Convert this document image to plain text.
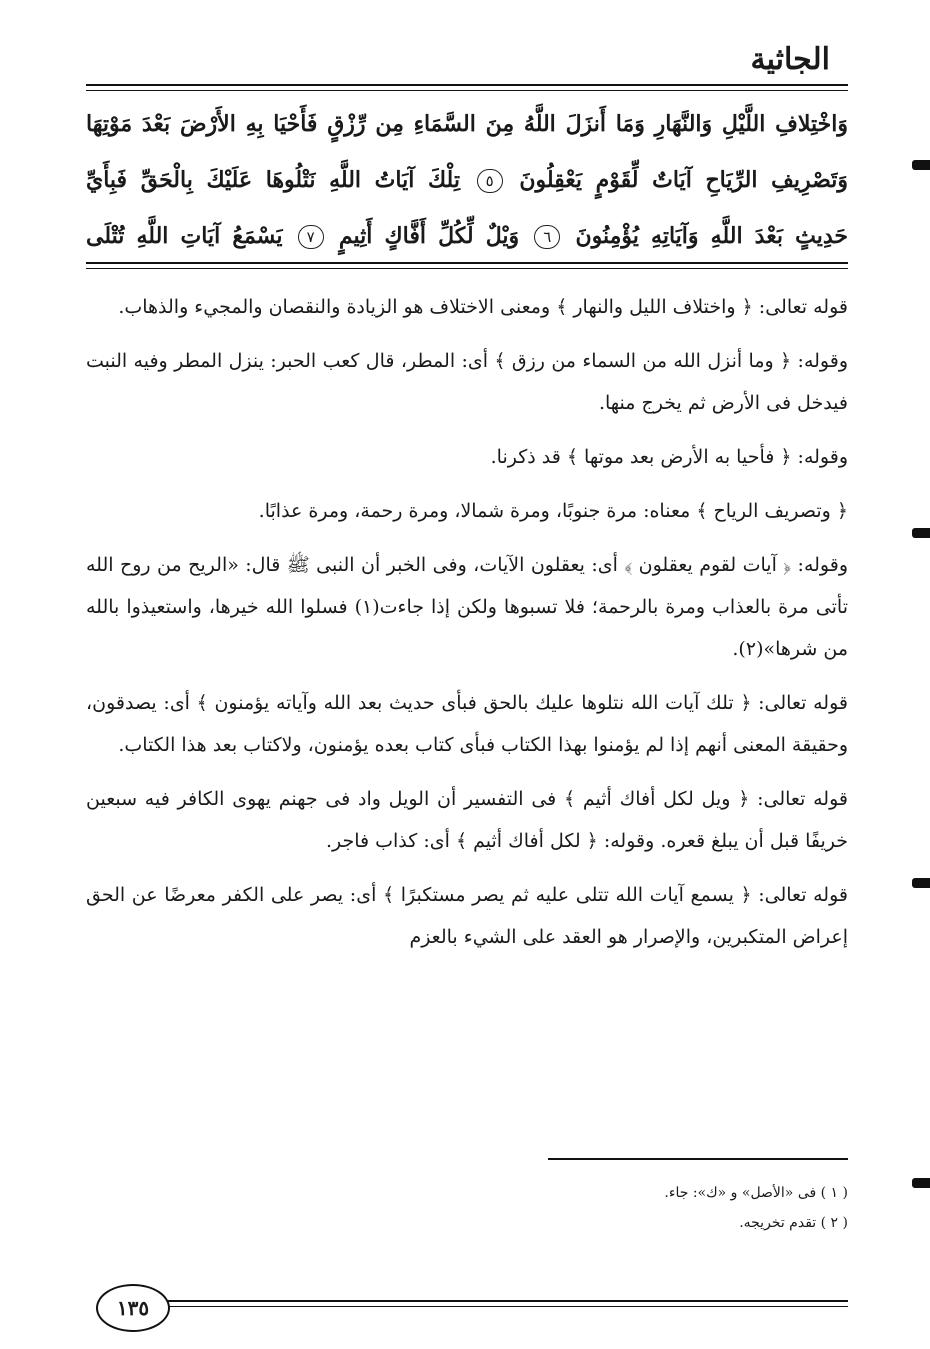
الجاثية
وَاخْتِلافِ اللَّيْلِ وَالنَّهَارِ وَمَا أَنزَلَ اللَّهُ مِنَ السَّمَاءِ مِن رِّزْقٍ فَأَحْيَا بِهِ الأَرْضَ بَعْدَ مَوْتِهَا
وَتَصْرِيفِ الرِّيَاحِ آيَاتٌ لِّقَوْمٍ يَعْقِلُونَ ٥ تِلْكَ آيَاتُ اللَّهِ نَتْلُوهَا عَلَيْكَ بِالْحَقِّ فَبِأَيِّ
حَدِيثٍ بَعْدَ اللَّهِ وَآيَاتِهِ يُؤْمِنُونَ ٦ وَيْلٌ لِّكُلِّ أَفَّاكٍ أَثِيمٍ ٧ يَسْمَعُ آيَاتِ اللَّهِ تُتْلَى

قوله تعالى: ﴿ واختلاف الليل والنهار ﴾ ومعنى الاختلاف هو الزيادة والنقصان والمجيء والذهاب.

وقوله: ﴿ وما أنزل الله من السماء من رزق ﴾ أى: المطر، قال كعب الحبر: ينزل المطر وفيه النبت فيدخل فى الأرض ثم يخرج منها.

وقوله: ﴿ فأحيا به الأرض بعد موتها ﴾ قد ذكرنا.

﴿ وتصريف الرياح ﴾ معناه: مرة جنوبًا، ومرة شمالا، ومرة رحمة، ومرة عذابًا.

وقوله: ﴿ آيات لقوم يعقلون ﴾ أى: يعقلون الآيات، وفى الخبر أن النبى ﷺ قال: «الريح من روح الله تأتى مرة بالعذاب ومرة بالرحمة؛ فلا تسبوها ولكن إذا جاءت(١) فسلوا الله خيرها، واستعيذوا بالله من شرها»(٢).

قوله تعالى: ﴿ تلك آيات الله نتلوها عليك بالحق فبأى حديث بعد الله وآياته يؤمنون ﴾ أى: يصدقون، وحقيقة المعنى أنهم إذا لم يؤمنوا بهذا الكتاب فبأى كتاب بعده يؤمنون، ولاكتاب بعد هذا الكتاب.

قوله تعالى: ﴿ ويل لكل أفاك أثيم ﴾ فى التفسير أن الويل واد فى جهنم يهوى الكافر فيه سبعين خريفًا قبل أن يبلغ قعره. وقوله: ﴿ لكل أفاك أثيم ﴾ أى: كذاب فاجر.

قوله تعالى: ﴿ يسمع آيات الله تتلى عليه ثم يصر مستكبرًا ﴾ أى: يصر على الكفر معرضًا عن الحق إعراض المتكبرين، والإصرار هو العقد على الشيء بالعزم

( ١ ) فى «الأصل» و «ك»: جاء.

( ٢ ) تقدم تخريجه.

١٣٥
